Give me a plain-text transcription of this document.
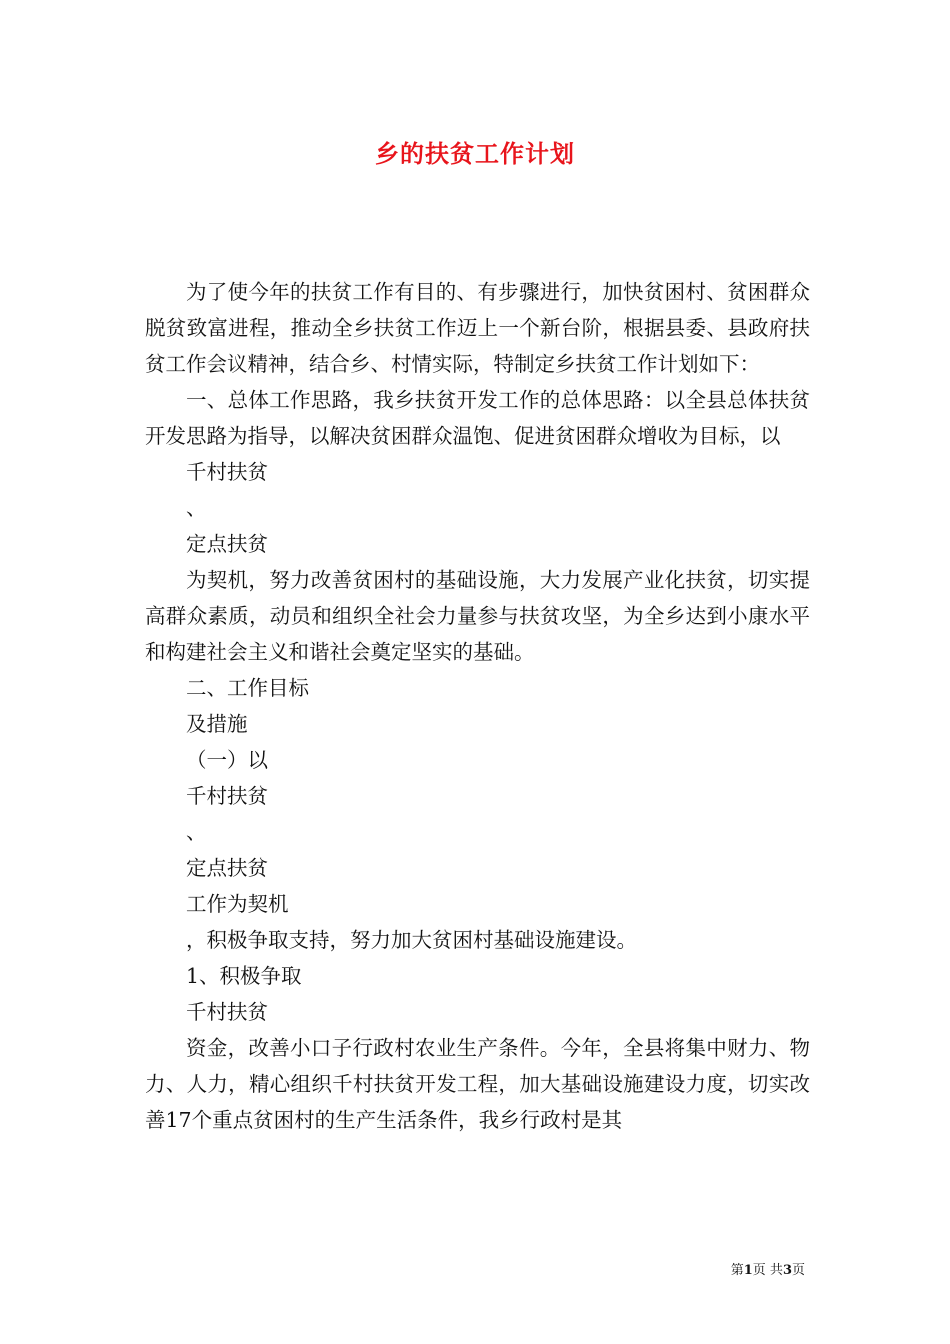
乡的扶贫工作计划

为了使今年的扶贫工作有目的、有步骤进行，加快贫困村、贫困群众脱贫致富进程，推动全乡扶贫工作迈上一个新台阶，根据县委、县政府扶贫工作会议精神，结合乡、村情实际，特制定乡扶贫工作计划如下：

一、总体工作思路，我乡扶贫开发工作的总体思路：以全县总体扶贫开发思路为指导，以解决贫困群众温饱、促进贫困群众增收为目标，以

千村扶贫

、

定点扶贫

为契机，努力改善贫困村的基础设施，大力发展产业化扶贫，切实提高群众素质，动员和组织全社会力量参与扶贫攻坚，为全乡达到小康水平和构建社会主义和谐社会奠定坚实的基础。

二、工作目标

及措施

（一）以

千村扶贫

、

定点扶贫

工作为契机

，积极争取支持，努力加大贫困村基础设施建设。

1、积极争取

千村扶贫

资金，改善小口子行政村农业生产条件。今年，全县将集中财力、物力、人力，精心组织千村扶贫开发工程，加大基础设施建设力度，切实改善17个重点贫困村的生产生活条件，我乡行政村是其

第1页 共3页
